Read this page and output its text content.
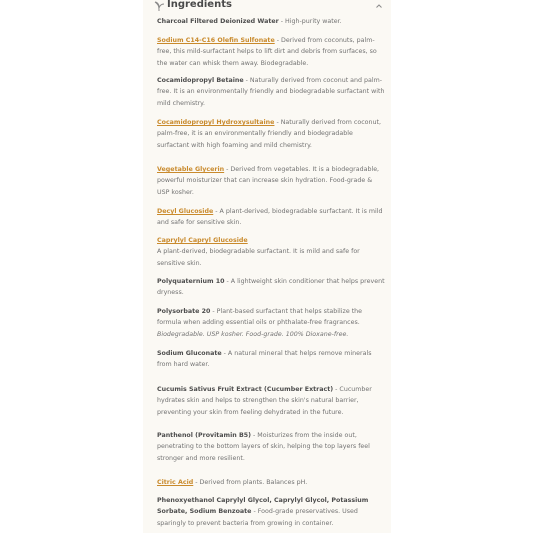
Ingredients
Charcoal Filtered Deionized Water - High-purity water.
Sodium C14-C16 Olefin Sulfonate - Derived from coconuts, palm-free, this mild-surfactant helps to lift dirt and debris from surfaces, so the water can whisk them away. Biodegradable.
Cocamidopropyl Betaine - Naturally derived from coconut and palm-free. It is an environmentally friendly and biodegradable surfactant with mild chemistry.
Cocamidopropyl Hydroxysultaine - Naturally derived from coconut, palm-free, it is an environmentally friendly and biodegradable surfactant with high foaming and mild chemistry.
Vegetable Glycerin - Derived from vegetables. It is a biodegradable, powerful moisturizer that can increase skin hydration. Food-grade & USP kosher.
Decyl Glucoside - A plant-derived, biodegradable surfactant. It is mild and safe for sensitive skin.
Caprylyl Capryl Glucoside
A plant-derived, biodegradable surfactant. It is mild and safe for sensitive skin.
Polyquaternium 10 - A lightweight skin conditioner that helps prevent dryness.
Polysorbate 20 - Plant-based surfactant that helps stabilize the formula when adding essential oils or phthalate-free fragrances. Biodegradable. USP kosher. Food-grade. 100% Dioxane-free.
Sodium Gluconate - A natural mineral that helps remove minerals from hard water.
Cucumis Sativus Fruit Extract (Cucumber Extract) - Cucumber hydrates skin and helps to strengthen the skin's natural barrier, preventing your skin from feeling dehydrated in the future.
Panthenol (Provitamin B5) - Moisturizes from the inside out, penetrating to the bottom layers of skin, helping the top layers feel stronger and more resilient.
Citric Acid - Derived from plants. Balances pH.
Phenoxyethanol Caprylyl Glycol, Caprylyl Glycol, Potassium Sorbate, Sodium Benzoate - Food-grade preservatives. Used sparingly to prevent bacteria from growing in container.
